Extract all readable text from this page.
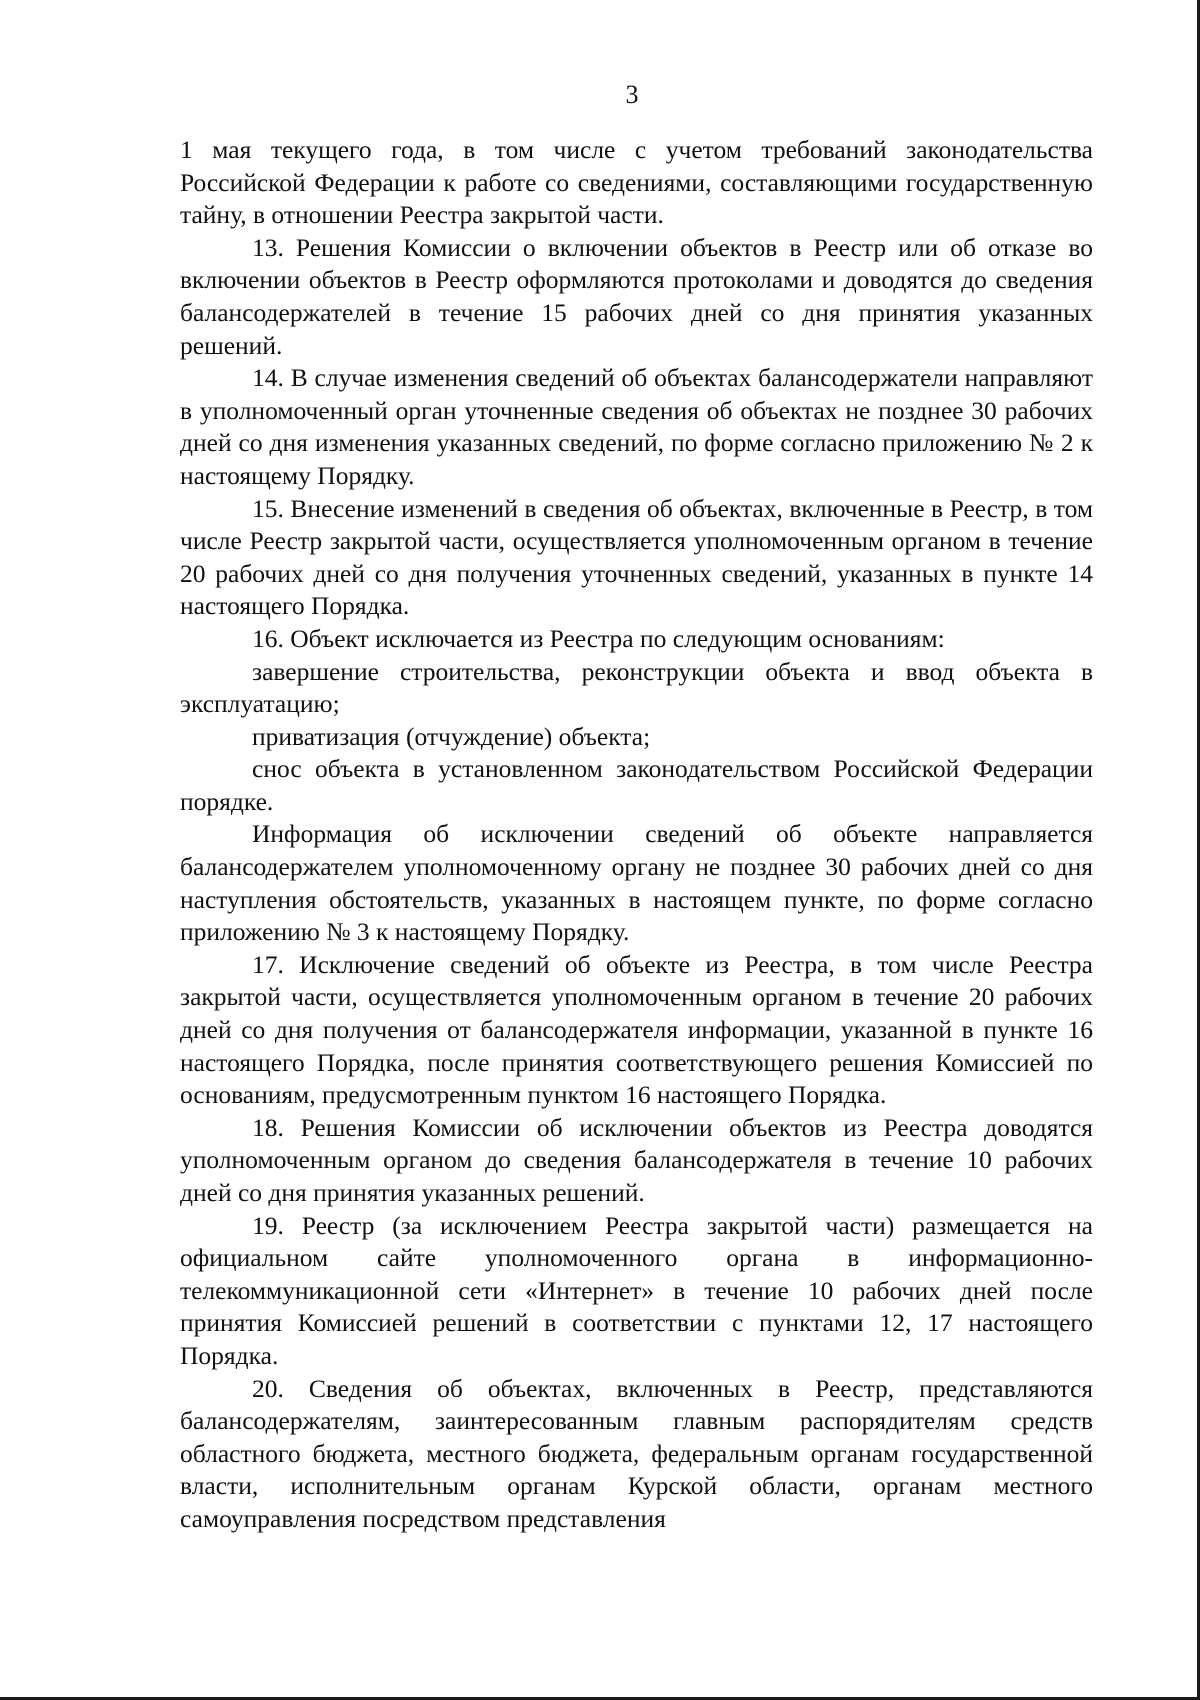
3

1 мая текущего года, в том числе с учетом требований законодательства Российской Федерации к работе со сведениями, составляющими государственную тайну, в отношении Реестра закрытой части.

13. Решения Комиссии о включении объектов в Реестр или об отказе во включении объектов в Реестр оформляются протоколами и доводятся до сведения балансодержателей в течение 15 рабочих дней со дня принятия указанных решений.

14. В случае изменения сведений об объектах балансодержатели направляют в уполномоченный орган уточненные сведения об объектах не позднее 30 рабочих дней со дня изменения указанных сведений, по форме согласно приложению № 2 к настоящему Порядку.

15. Внесение изменений в сведения об объектах, включенные в Реестр, в том числе Реестр закрытой части, осуществляется уполномоченным органом в течение 20 рабочих дней со дня получения уточненных сведений, указанных в пункте 14 настоящего Порядка.

16. Объект исключается из Реестра по следующим основаниям:

завершение строительства, реконструкции объекта и ввод объекта в эксплуатацию;

приватизация (отчуждение) объекта;

снос объекта в установленном законодательством Российской Федерации порядке.

Информация об исключении сведений об объекте направляется балансодержателем уполномоченному органу не позднее 30 рабочих дней со дня наступления обстоятельств, указанных в настоящем пункте, по форме согласно приложению № 3 к настоящему Порядку.

17. Исключение сведений об объекте из Реестра, в том числе Реестра закрытой части, осуществляется уполномоченным органом в течение 20 рабочих дней со дня получения от балансодержателя информации, указанной в пункте 16 настоящего Порядка, после принятия соответствующего решения Комиссией по основаниям, предусмотренным пунктом 16 настоящего Порядка.

18. Решения Комиссии об исключении объектов из Реестра доводятся уполномоченным органом до сведения балансодержателя в течение 10 рабочих дней со дня принятия указанных решений.

19. Реестр (за исключением Реестра закрытой части) размещается на официальном сайте уполномоченного органа в информационно-телекоммуникационной сети «Интернет» в течение 10 рабочих дней после принятия Комиссией решений в соответствии с пунктами 12, 17 настоящего Порядка.

20. Сведения об объектах, включенных в Реестр, представляются балансодержателям, заинтересованным главным распорядителям средств областного бюджета, местного бюджета, федеральным органам государственной власти, исполнительным органам Курской области, органам местного самоуправления посредством представления
